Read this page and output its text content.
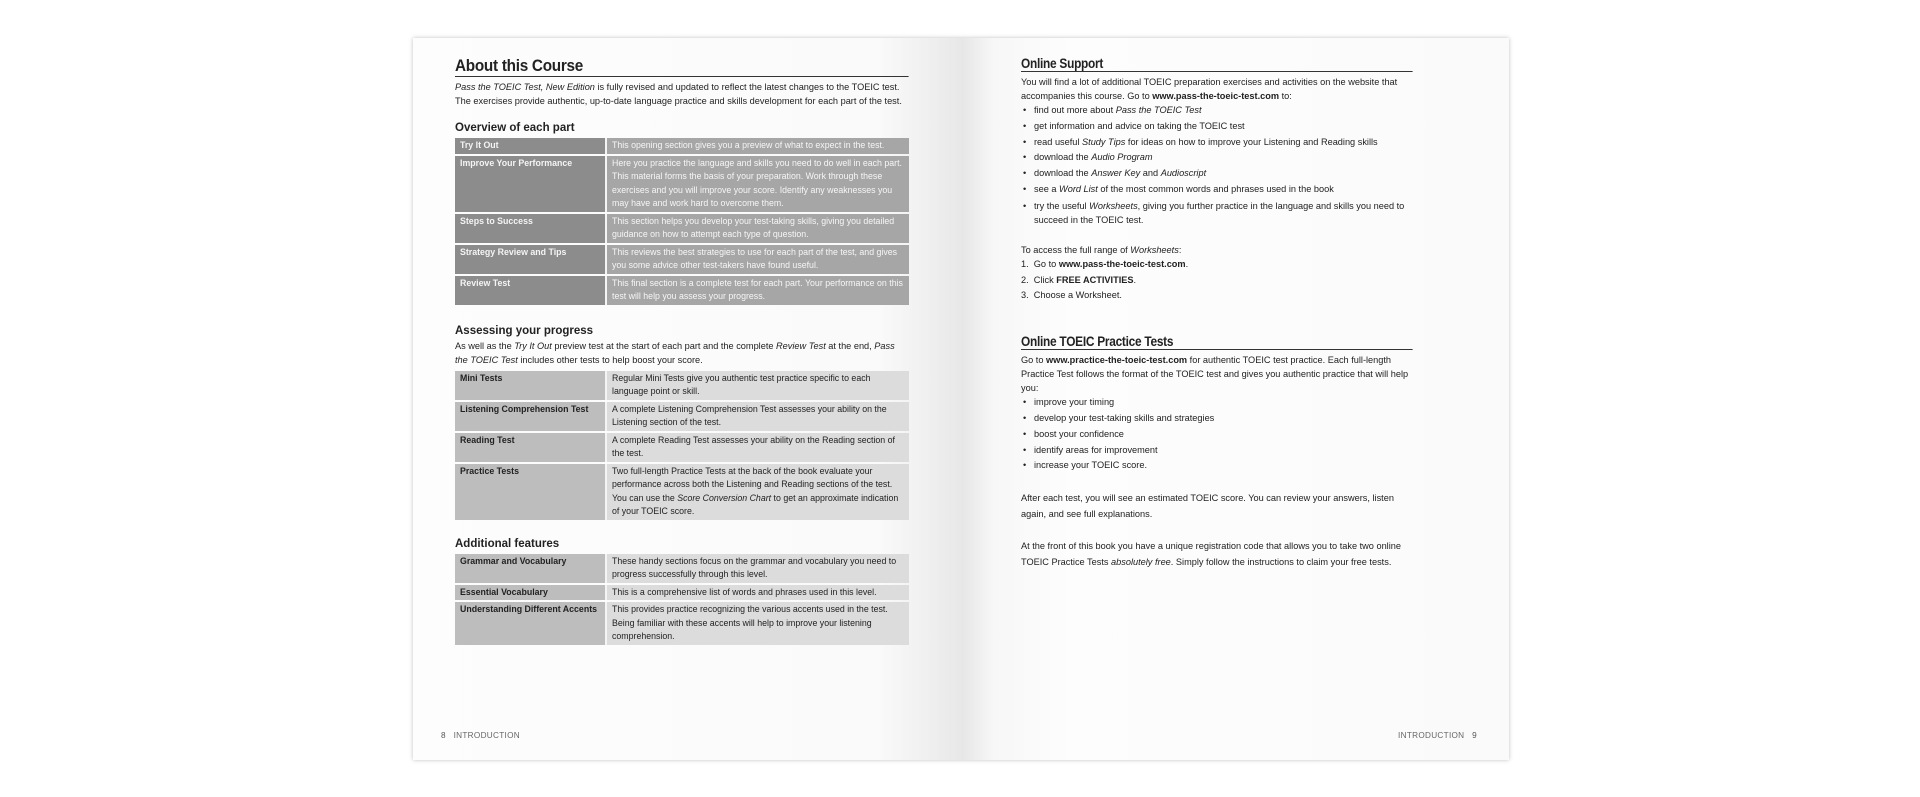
About this Course

Pass the TOEIC Test, New Edition is fully revised and updated to reflect the latest changes to the TOEIC test. The exercises provide authentic, up-to-date language practice and skills development for each part of the test.

Overview of each part
Try It Out	This opening section gives you a preview of what to expect in the test.
Improve Your Performance	Here you practice the language and skills you need to do well in each part. This material forms the basis of your preparation. Work through these exercises and you will improve your score. Identify any weaknesses you may have and work hard to overcome them.
Steps to Success	This section helps you develop your test-taking skills, giving you detailed guidance on how to attempt each type of question.
Strategy Review and Tips	This reviews the best strategies to use for each part of the test, and gives you some advice other test-takers have found useful.
Review Test	This final section is a complete test for each part. Your performance on this test will help you assess your progress.
Assessing your progress

As well as the Try It Out preview test at the start of each part and the complete Review Test at the end, Pass the TOEIC Test includes other tests to help boost your score.

Mini Tests	Regular Mini Tests give you authentic test practice specific to each language point or skill.
Listening Comprehension Test	A complete Listening Comprehension Test assesses your ability on the Listening section of the test.
Reading Test	A complete Reading Test assesses your ability on the Reading section of the test.
Practice Tests	Two full-length Practice Tests at the back of the book evaluate your performance across both the Listening and Reading sections of the test. You can use the Score Conversion Chart to get an approximate indication of your TOEIC score.
Additional features
Grammar and Vocabulary	These handy sections focus on the grammar and vocabulary you need to progress successfully through this level.
Essential Vocabulary	This is a comprehensive list of words and phrases used in this level.
Understanding Different Accents	This provides practice recognizing the various accents used in the test. Being familiar with these accents will help to improve your listening comprehension.
8 INTRODUCTION
Online Support

You will find a lot of additional TOEIC preparation exercises and activities on the website that accompanies this course. Go to www.pass-the-toeic-test.com to:

• find out more about Pass the TOEIC Test
• get information and advice on taking the TOEIC test
• read useful Study Tips for ideas on how to improve your Listening and Reading skills
• download the Audio Program
• download the Answer Key and Audioscript
• see a Word List of the most common words and phrases used in the book
• try the useful Worksheets, giving you further practice in the language and skills you need to succeed in the TOEIC test.

To access the full range of Worksheets:

1. Go to www.pass-the-toeic-test.com.
2. Click FREE ACTIVITIES.
3. Choose a Worksheet.
Online TOEIC Practice Tests

Go to www.practice-the-toeic-test.com for authentic TOEIC test practice. Each full-length Practice Test follows the format of the TOEIC test and gives you authentic practice that will help you:

• improve your timing
• develop your test-taking skills and strategies
• boost your confidence
• identify areas for improvement
• increase your TOEIC score.

After each test, you will see an estimated TOEIC score. You can review your answers, listen again, and see full explanations.

At the front of this book you have a unique registration code that allows you to take two online TOEIC Practice Tests absolutely free. Simply follow the instructions to claim your free tests.

INTRODUCTION 9
